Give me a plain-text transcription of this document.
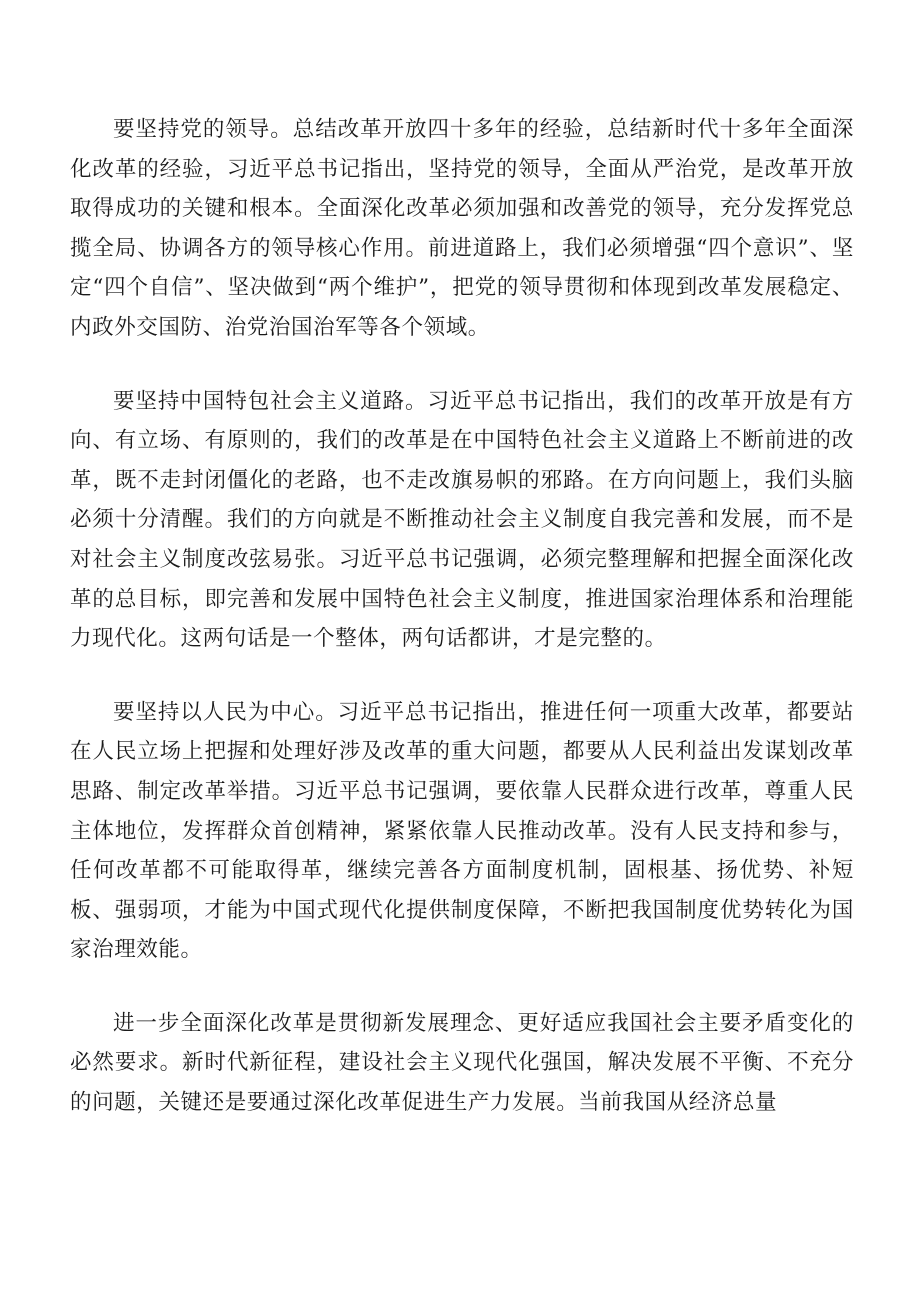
要坚持党的领导。总结改革开放四十多年的经验，总结新时代十多年全面深化改革的经验，习近平总书记指出，坚持党的领导，全面从严治党，是改革开放取得成功的关键和根本。全面深化改革必须加强和改善党的领导，充分发挥党总揽全局、协调各方的领导核心作用。前进道路上，我们必须增强“四个意识”、坚定“四个自信”、坚决做到“两个维护”，把党的领导贯彻和体现到改革发展稳定、内政外交国防、治党治国治军等各个领域。

要坚持中国特包社会主义道路。习近平总书记指出，我们的改革开放是有方向、有立场、有原则的，我们的改革是在中国特色社会主义道路上不断前进的改革，既不走封闭僵化的老路，也不走改旗易帜的邪路。在方向问题上，我们头脑必须十分清醒。我们的方向就是不断推动社会主义制度自我完善和发展，而不是对社会主义制度改弦易张。习近平总书记强调，必须完整理解和把握全面深化改革的总目标，即完善和发展中国特色社会主义制度，推进国家治理体系和治理能力现代化。这两句话是一个整体，两句话都讲，才是完整的。

要坚持以人民为中心。习近平总书记指出，推进任何一项重大改革，都要站在人民立场上把握和处理好涉及改革的重大问题，都要从人民利益出发谋划改革思路、制定改革举措。习近平总书记强调，要依靠人民群众进行改革，尊重人民主体地位，发挥群众首创精神，紧紧依靠人民推动改革。没有人民支持和参与，任何改革都不可能取得革，继续完善各方面制度机制，固根基、扬优势、补短板、强弱项，才能为中国式现代化提供制度保障，不断把我国制度优势转化为国家治理效能。

进一步全面深化改革是贯彻新发展理念、更好适应我国社会主要矛盾变化的必然要求。新时代新征程，建设社会主义现代化强国，解决发展不平衡、不充分的问题，关键还是要通过深化改革促进生产力发展。当前我国从经济总量
